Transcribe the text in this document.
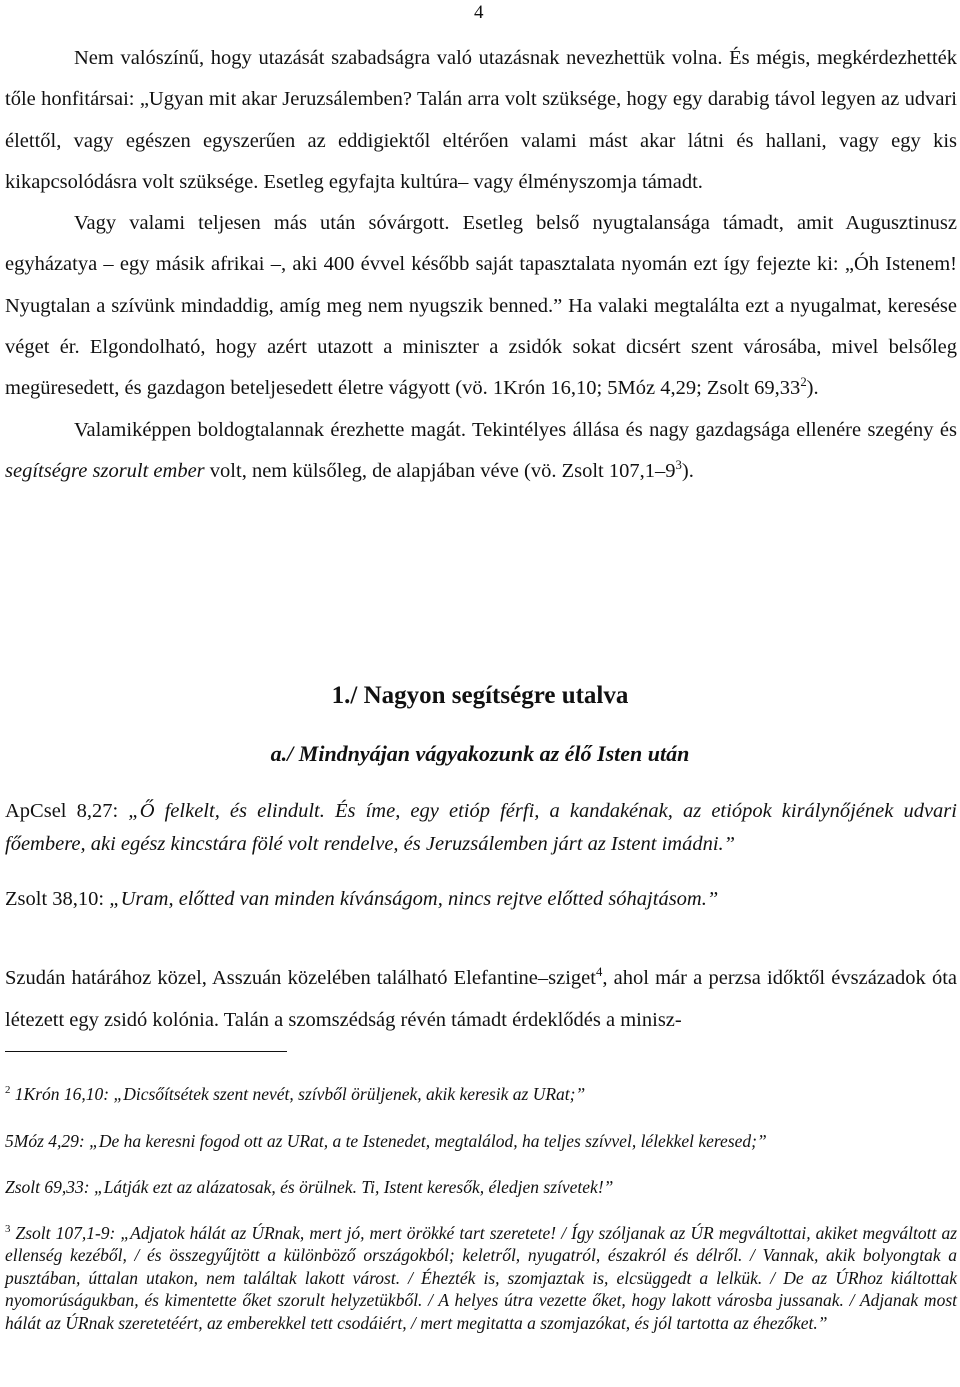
4

Nem valószínű, hogy utazását szabadságra való utazásnak nevezhettük volna. És mégis, megkérdezhették tőle honfitársai: „Ugyan mit akar Jeruzsálemben? Talán arra volt szüksége, hogy egy darabig távol legyen az udvari élettől, vagy egészen egyszerűen az eddigiektől eltérően valami mást akar látni és hallani, vagy egy kis kikapcsolódásra volt szüksége. Esetleg egyfajta kultúra– vagy élményszomja támadt.

Vagy valami teljesen más után sóvárgott. Esetleg belső nyugtalansága támadt, amit Augusztinusz egyházatya – egy másik afrikai –, aki 400 évvel később saját tapasztalata nyomán ezt így fejezte ki: „Óh Istenem! Nyugtalan a szívünk mindaddig, amíg meg nem nyugszik benned.” Ha valaki megtalálta ezt a nyugalmat, keresése véget ér. Elgondolható, hogy azért utazott a miniszter a zsidók sokat dicsért szent városába, mivel belsőleg megüresedett, és gazdagon beteljesedett életre vágyott (vö. 1Krón 16,10; 5Móz 4,29; Zsolt 69,33$^2$).

Valamiképpen boldogtalannak érezhette magát. Tekintélyes állása és nagy gazdagsága ellenére szegény és segítségre szorult ember volt, nem külsőleg, de alapjában véve (vö. Zsolt $107,1-9^3$).

1./ Nagyon segítségre utalva
a./ Mindnyájan vágyakozunk az élő Isten után

ApCsel 8,27: „Ő felkelt, és elindult. És íme, egy etióp férfi, a kandakénak, az etiópok királynőjének udvari főembere, aki egész kincstára fölé volt rendelve, és Jeruzsálemben járt az Istent imádni.”

Zsolt 38,10: „Uram, előtted van minden kívánságom, nincs rejtve előtted sóhajtásom.”

Szudán határához közel, Asszuán közelében található Elefantine–sziget$^4$, ahol már a perzsa időktől évszázadok óta létezett egy zsidó kolónia. Talán a szomszédság révén támadt érdeklődés a minisz-

$^2$ 1Krón 16,10: „Dicsőítsétek szent nevét, szívből örüljenek, akik keresik az URat;”

5Móz 4,29: „De ha keresni fogod ott az URat, a te Istenedet, megtalálod, ha teljes szívvel, lélekkel keresed;”

Zsolt 69,33: „Látják ezt az alázatosak, és örülnek. Ti, Istent keresők, éledjen szívetek!”

$^3$ Zsolt 107,1-9: „Adjatok hálát az ÚRnak, mert jó, mert örökké tart szeretete! / Így szóljanak az ÚR megváltottai, akiket megváltott az ellenség kezéből, / és összegyűjtött a különböző országokból; keletről, nyugatról, északról és délről. / Vannak, akik bolyongtak a pusztában, úttalan utakon, nem találtak lakott várost. / Éhezték is, szomjaztak is, elcsüggedt a lelkük. / De az ÚRhoz kiáltottak nyomorúságukban, és kimentette őket szorult helyzetükből. / A helyes útra vezette őket, hogy lakott városba jussanak. / Adjanak most hálát az ÚRnak szeretetéért, az emberekkel tett csodáiért, / mert megitatta a szomjazókat, és jól tartotta az éhezőket.”
